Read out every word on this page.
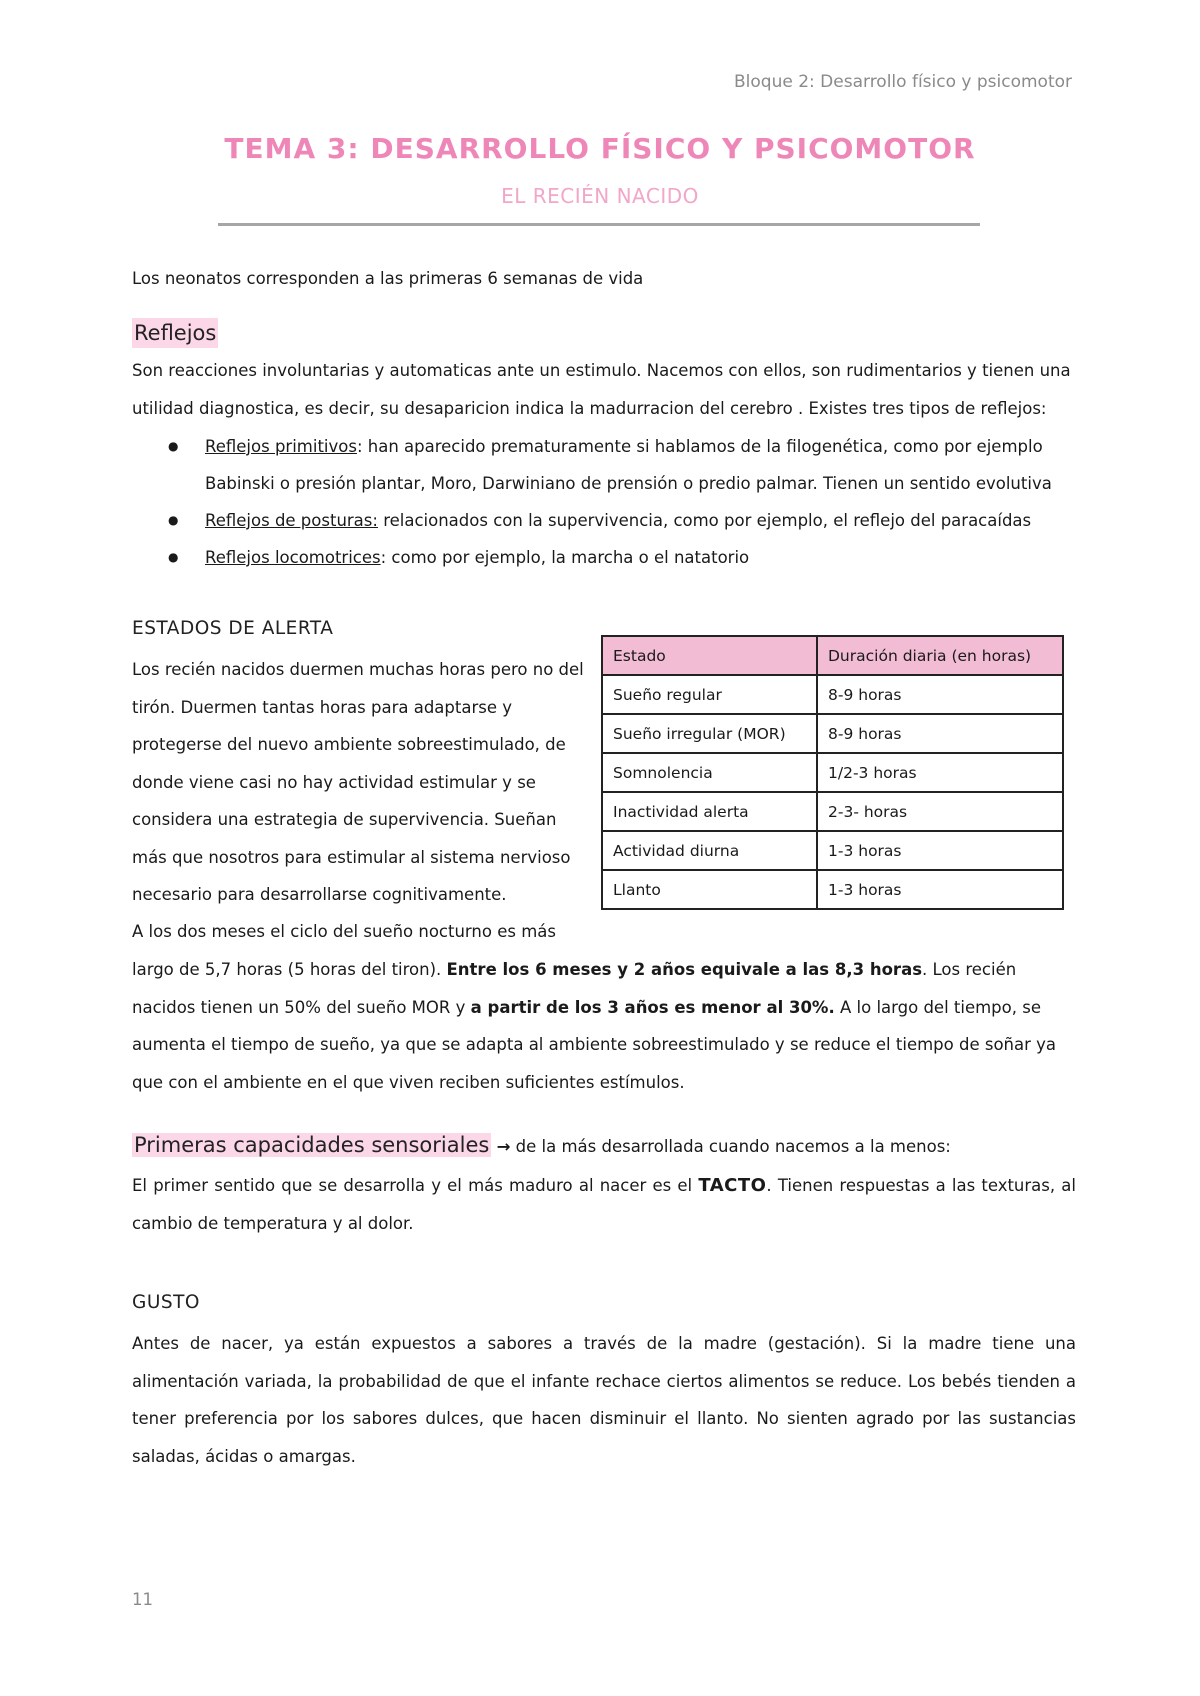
Bloque 2: Desarrollo físico y psicomotor
TEMA 3: DESARROLLO FÍSICO Y PSICOMOTOR
EL RECIÉN NACIDO
Los neonatos corresponden a las primeras 6 semanas de vida
Reflejos
Son reacciones involuntarias y automaticas ante un estimulo. Nacemos con ellos, son rudimentarios y tienen una utilidad diagnostica, es decir, su desaparicion indica la madurracion del cerebro . Existes tres tipos de reflejos:
● Reflejos primitivos: han aparecido prematuramente si hablamos de la filogenética, como por ejemplo Babinski o presión plantar, Moro, Darwiniano de prensión o predio palmar. Tienen un sentido evolutiva
● Reflejos de posturas: relacionados con la supervivencia, como por ejemplo, el reflejo del paracaídas
● Reflejos locomotrices: como por ejemplo, la marcha o el natatorio
ESTADOS DE ALERTA
Los recién nacidos duermen muchas horas pero no del tirón. Duermen tantas horas para adaptarse y protegerse del nuevo ambiente sobreestimulado, de donde viene casi no hay actividad estimular y se considera una estrategia de supervivencia. Sueñan más que nosotros para estimular al sistema nervioso necesario para desarrollarse cognitivamente.
A los dos meses el ciclo del sueño nocturno es más
largo de 5,7 horas (5 horas del tiron). Entre los 6 meses y 2 años equivale a las 8,3 horas. Los recién nacidos tienen un 50% del sueño MOR y a partir de los 3 años es menor al 30%. A lo largo del tiempo, se aumenta el tiempo de sueño, ya que se adapta al ambiente sobreestimulado y se reduce el tiempo de soñar ya que con el ambiente en el que viven reciben suficientes estímulos.
Estado	Duración diaria (en horas)
Sueño regular	8-9 horas
Sueño irregular (MOR)	8-9 horas
Somnolencia	1/2-3 horas
Inactividad alerta	2-3- horas
Actividad diurna	1-3 horas
Llanto	1-3 horas
Primeras capacidades sensoriales → de la más desarrollada cuando nacemos a la menos:
El primer sentido que se desarrolla y el más maduro al nacer es el TACTO. Tienen respuestas a las texturas, al cambio de temperatura y al dolor.
GUSTO
Antes de nacer, ya están expuestos a sabores a través de la madre (gestación). Si la madre tiene una alimentación variada, la probabilidad de que el infante rechace ciertos alimentos se reduce. Los bebés tienden a tener preferencia por los sabores dulces, que hacen disminuir el llanto. No sienten agrado por las sustancias saladas, ácidas o amargas.
11
